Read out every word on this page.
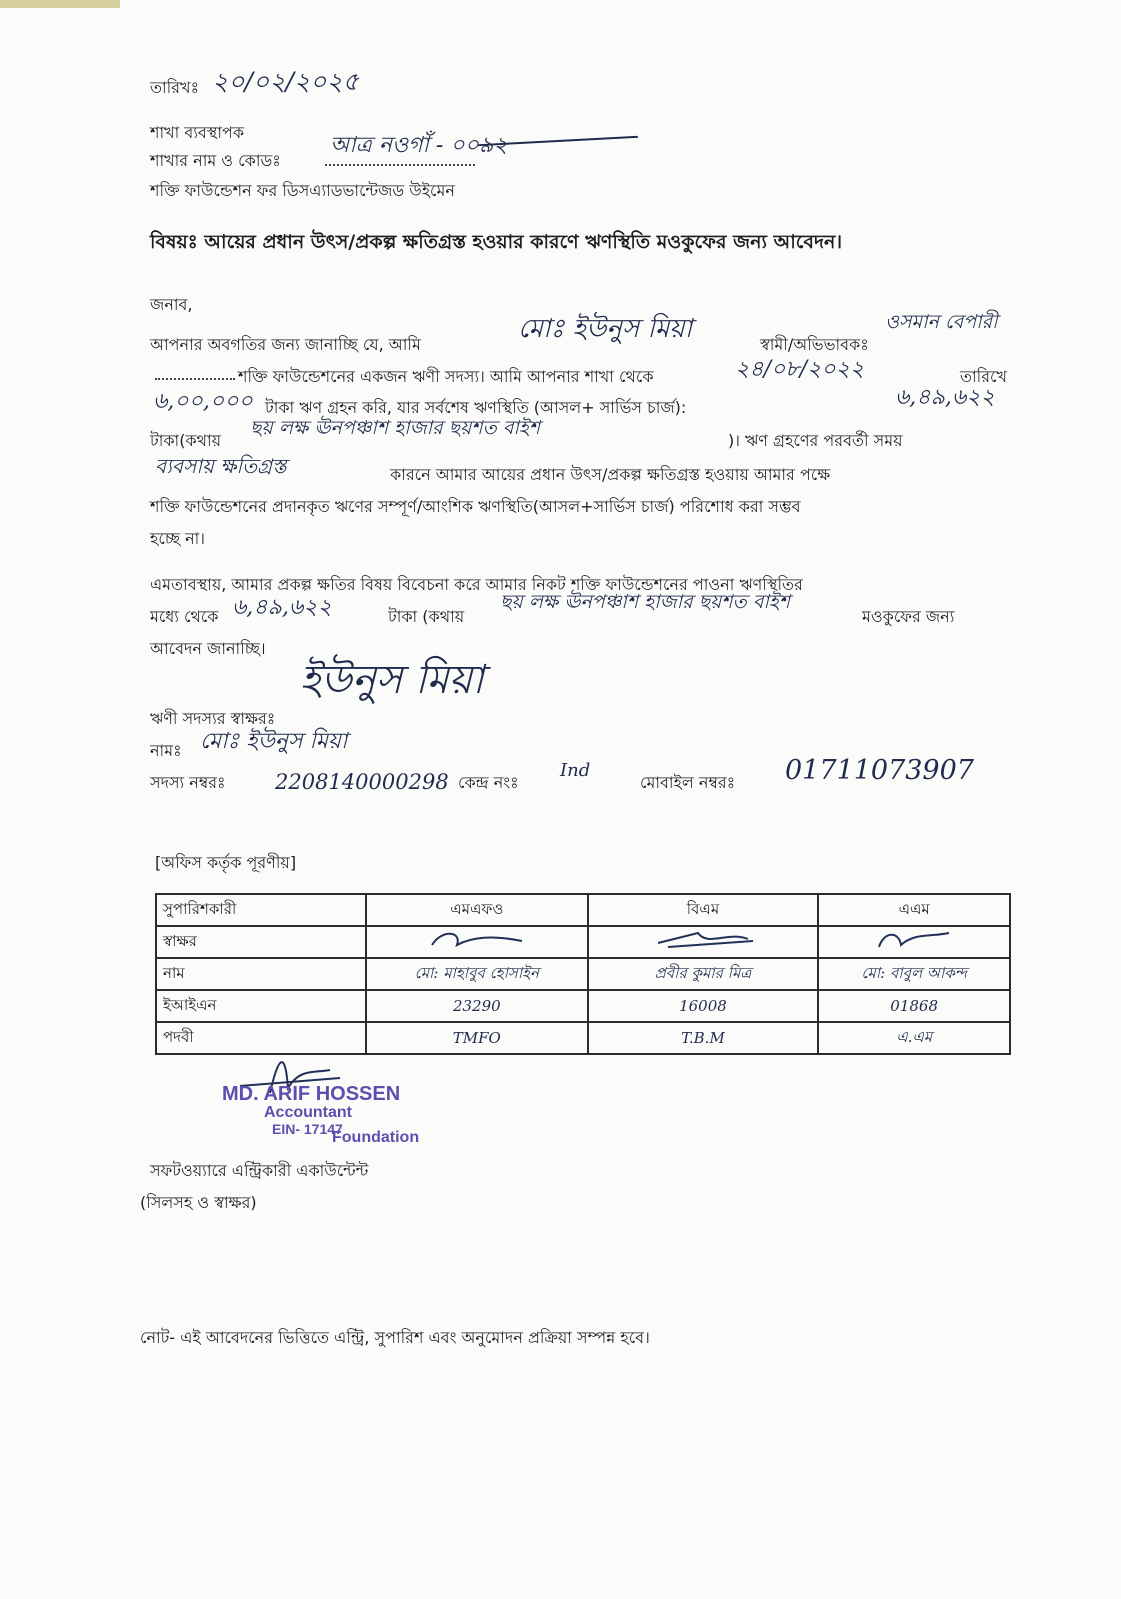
তারিখঃ ২০/০২/২০২৫
শাখা ব্যবস্থাপক
শাখার নাম ও কোডঃ
আত্র নওগাঁ - ০০৯২
শক্তি ফাউন্ডেশন ফর ডিসএ্যাডভান্টেজড উইমেন
বিষয়ঃ আয়ের প্রধান উৎস/প্রকল্প ক্ষতিগ্রস্ত হওয়ার কারণে ঋণস্থিতি মওকুফের জন্য আবেদন।
জনাব,
আপনার অবগতির জন্য জানাচ্ছি যে, আমি
মোঃ ইউনুস মিয়া
স্বামী/অভিভাবকঃ
ওসমান বেপারী
শক্তি ফাউন্ডেশনের একজন ঋণী সদস্য। আমি আপনার শাখা থেকে	২৪/০৮/২০২২	তারিখে
৬,০০,০০০ টাকা ঋণ গ্রহন করি, যার সর্বশেষ ঋণস্থিতি (আসল+ সার্ভিস চার্জ):	৬,৪৯,৬২২
টাকা(কথায়
ছয় লক্ষ ঊনপঞ্চাশ হাজার ছয়শত বাইশ
)। ঋণ গ্রহণের পরবর্তী সময়
ব্যবসায় ক্ষতিগ্রস্ত	কারনে আমার আয়ের প্রধান উৎস/প্রকল্প ক্ষতিগ্রস্ত হওয়ায় আমার পক্ষে
শক্তি ফাউন্ডেশনের প্রদানকৃত ঋণের সম্পূর্ণ/আংশিক ঋণস্থিতি(আসল+সার্ভিস চার্জ) পরিশোধ করা সম্ভব
হচ্ছে না।
এমতাবস্থায়, আমার প্রকল্প ক্ষতির বিষয় বিবেচনা করে আমার নিকট শক্তি ফাউন্ডেশনের পাওনা ঋণস্থিতির
মধ্যে থেকে ৬,৪৯,৬২২	টাকা (কথায়
ছয় লক্ষ ঊনপঞ্চাশ হাজার ছয়শত বাইশ
মওকুফের জন্য
আবেদন জানাচ্ছি।
ইউনুস মিয়া
ঋণী সদস্যর স্বাক্ষরঃ
নামঃ মোঃ ইউনুস মিয়া
সদস্য নম্বরঃ 2208140000298 কেন্দ্র নংঃ
Ind
মোবাইল নম্বরঃ 01711073907
[অফিস কর্তৃক পূরণীয়]
সুপারিশকারী	এমএফও	বিএম	এএম
স্বাক্ষর			
নাম	মো: মাহাবুব হোসাইন	প্রবীর কুমার মিত্র	মো: বাবুল আকন্দ
ইআইএন	23290	16008	01868
পদবী	TMFO	T.B.M	এ.এম
MD. ARIF HOSSEN
Accountant
EIN- 17147
Foundation
সফটওয়্যারে এন্ট্রিকারী একাউন্টেন্ট
(সিলসহ ও স্বাক্ষর)
নোট- এই আবেদনের ভিত্তিতে এন্ট্রি, সুপারিশ এবং অনুমোদন প্রক্রিয়া সম্পন্ন হবে।
